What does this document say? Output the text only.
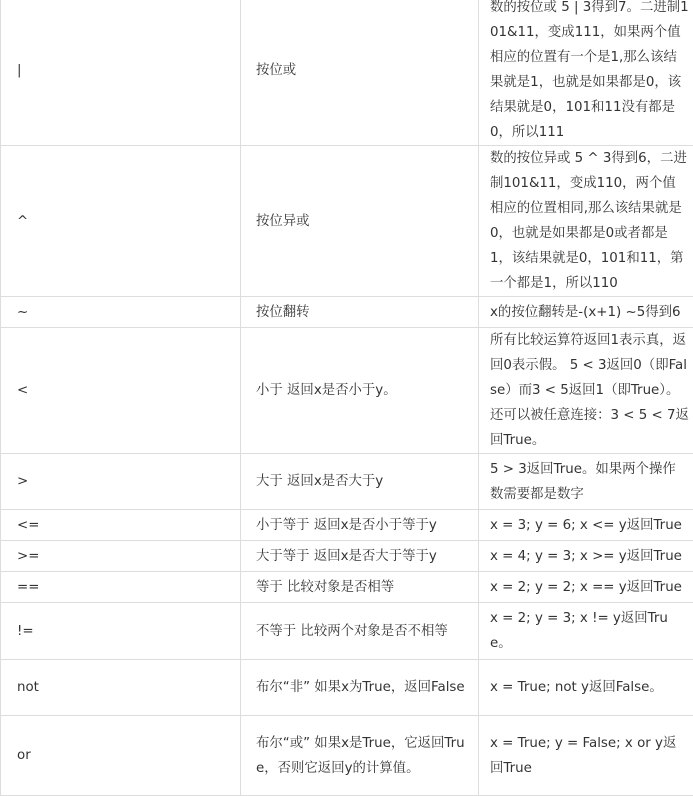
|	按位或	数的按位或 5 | 3得到7。二进制101&11，变成111，如果两个值相应的位置有一个是1,那么该结果就是1，也就是如果都是0，该结果就是0，101和11没有都是0，所以111
^	按位异或	数的按位异或 5 ^ 3得到6，二进制101&11，变成110，两个值相应的位置相同,那么该结果就是0，也就是如果都是0或者都是1，该结果就是0，101和11，第一个都是1，所以110
~	按位翻转	x的按位翻转是-(x+1) ~5得到6
<	小于 返回x是否小于y。	所有比较运算符返回1表示真，返回0表示假。 5 < 3返回0（即False）而3 < 5返回1（即True）。还可以被任意连接：3 < 5 < 7返回True。
>	大于 返回x是否大于y	5 > 3返回True。如果两个操作数需要都是数字
<=	小于等于 返回x是否小于等于y	x = 3; y = 6; x <= y返回True
>=	大于等于 返回x是否大于等于y	x = 4; y = 3; x >= y返回True
==	等于 比较对象是否相等	x = 2; y = 2; x == y返回True
!=	不等于 比较两个对象是否不相等	x = 2; y = 3; x != y返回True。
not	布尔“非” 如果x为True，返回False	x = True; not y返回False。
or	布尔“或” 如果x是True，它返回True，否则它返回y的计算值。	x = True; y = False; x or y返回True
